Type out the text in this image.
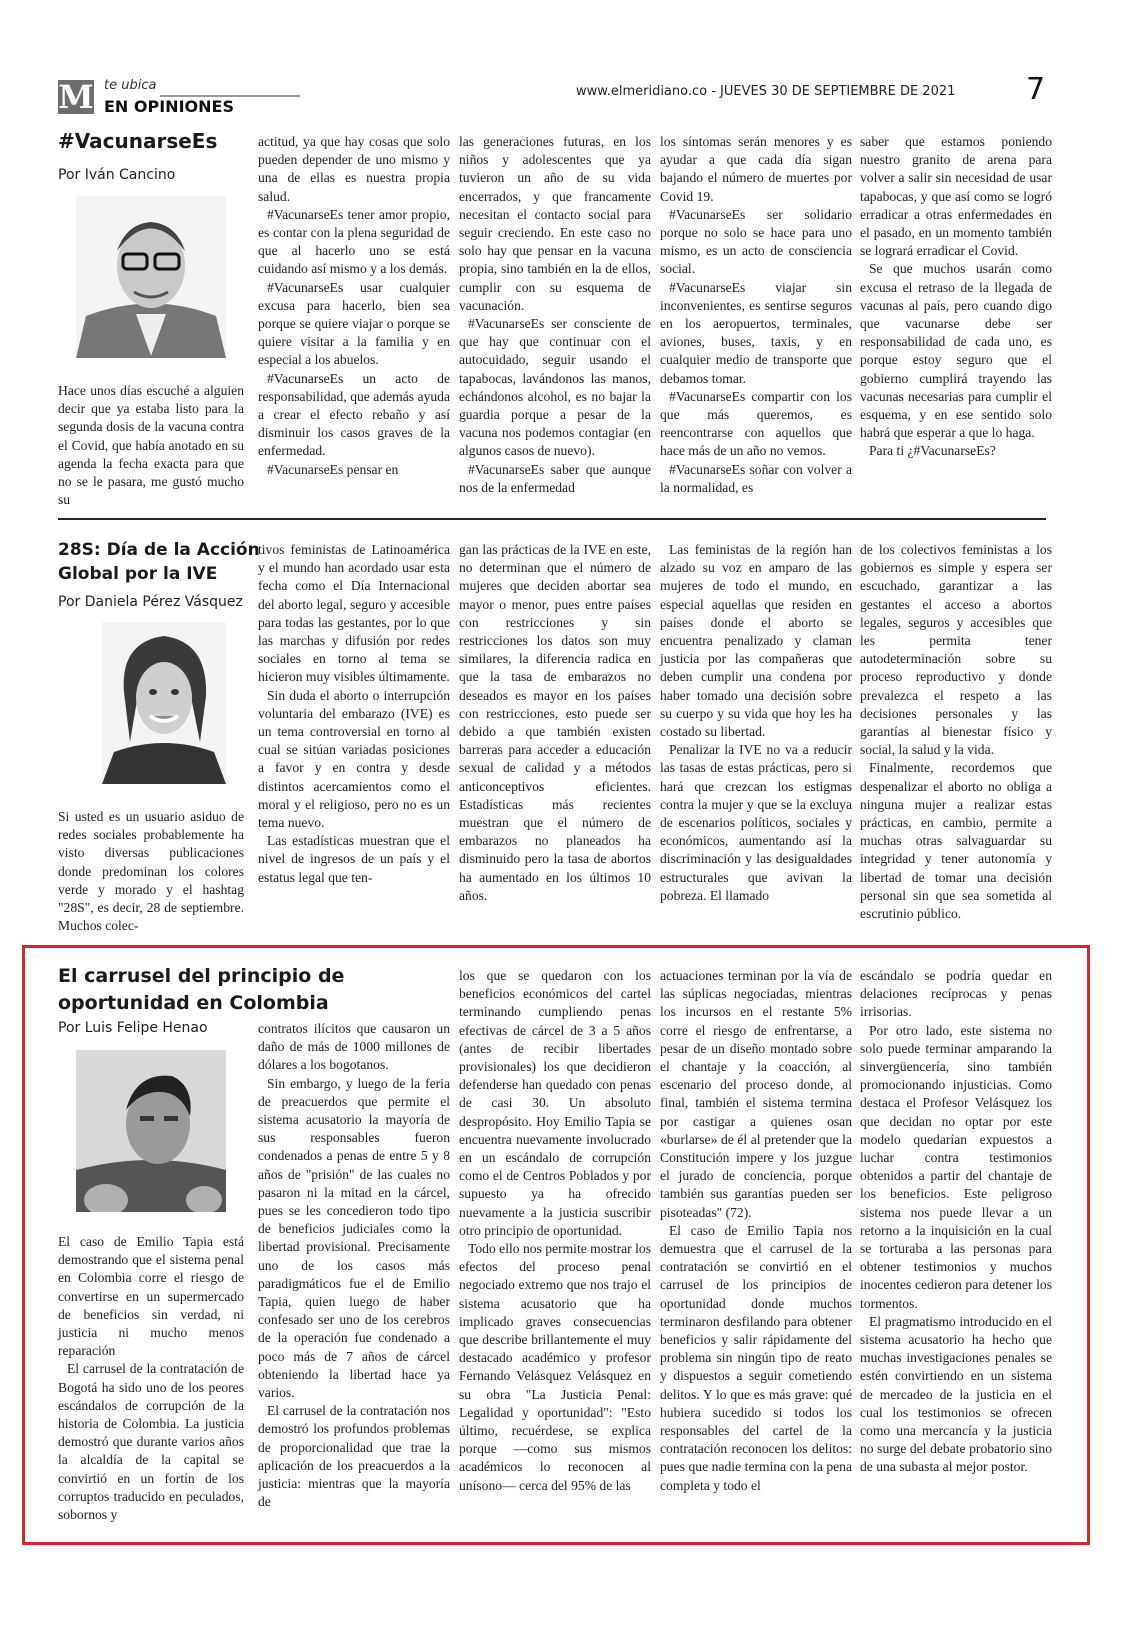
M te ubica
EN OPINIONES
www.elmeridiano.co - JUEVES 30 DE SEPTIEMBRE DE 2021 7
#VacunarseEs
Por Iván Cancino

Hace unos días escuché a alguien decir que ya estaba listo para la segunda dosis de la vacuna contra el Covid, que había anotado en su agenda la fecha exacta para que no se le pasara, me gustó mucho su

actitud, ya que hay cosas que solo pueden depender de uno mismo y una de ellas es nuestra propia salud.

#VacunarseEs tener amor propio, es contar con la plena seguridad de que al hacerlo uno se está cuidando así mismo y a los demás.

#VacunarseEs usar cualquier excusa para hacerlo, bien sea porque se quiere viajar o porque se quiere visitar a la familia y en especial a los abuelos.

#VacunarseEs un acto de responsabilidad, que además ayuda a crear el efecto rebaño y así disminuir los casos graves de la enfermedad.

#VacunarseEs pensar en

las generaciones futuras, en los niños y adolescentes que ya tuvieron un año de su vida encerrados, y que francamente necesitan el contacto social para seguir creciendo. En este caso no solo hay que pensar en la vacuna propia, sino también en la de ellos, cumplir con su esquema de vacunación.

#VacunarseEs ser consciente de que hay que continuar con el autocuidado, seguir usando el tapabocas, lavándonos las manos, echándonos alcohol, es no bajar la guardia porque a pesar de la vacuna nos podemos contagiar (en algunos casos de nuevo).

#VacunarseEs saber que aunque nos de la enfermedad

los síntomas serán menores y es ayudar a que cada día sigan bajando el número de muertes por Covid 19.

#VacunarseEs ser solidario porque no solo se hace para uno mismo, es un acto de consciencia social.

#VacunarseEs viajar sin inconvenientes, es sentirse seguros en los aeropuertos, terminales, aviones, buses, taxis, y en cualquier medio de transporte que debamos tomar.

#VacunarseEs compartir con los que más queremos, es reencontrarse con aquellos que hace más de un año no vemos.

#VacunarseEs soñar con volver a la normalidad, es

saber que estamos poniendo nuestro granito de arena para volver a salir sin necesidad de usar tapabocas, y que así como se logró erradicar a otras enfermedades en el pasado, en un momento también se logrará erradicar el Covid.

Se que muchos usarán como excusa el retraso de la llegada de vacunas al país, pero cuando digo que vacunarse debe ser responsabilidad de cada uno, es porque estoy seguro que el gobierno cumplirá trayendo las vacunas necesarias para cumplir el esquema, y en ese sentido solo habrá que esperar a que lo haga.

Para ti ¿#VacunarseEs?

28S: Día de la Acción
Global por la IVE
Por Daniela Pérez Vásquez

Si usted es un usuario asiduo de redes sociales probablemente ha visto diversas publicaciones donde predominan los colores verde y morado y el hashtag "28S", es decir, 28 de septiembre. Muchos colec-

tivos feministas de Latinoamérica y el mundo han acordado usar esta fecha como el Día Internacional del aborto legal, seguro y accesible para todas las gestantes, por lo que las marchas y difusión por redes sociales en torno al tema se hicieron muy visibles últimamente.

Sin duda el aborto o interrupción voluntaria del embarazo (IVE) es un tema controversial en torno al cual se sitúan variadas posiciones a favor y en contra y desde distintos acercamientos como el moral y el religioso, pero no es un tema nuevo.

Las estadísticas muestran que el nivel de ingresos de un país y el estatus legal que ten-

gan las prácticas de la IVE en este, no determinan que el número de mujeres que deciden abortar sea mayor o menor, pues entre países con restricciones y sin restricciones los datos son muy similares, la diferencia radica en que la tasa de embarazos no deseados es mayor en los países con restricciones, esto puede ser debido a que también existen barreras para acceder a educación sexual de calidad y a métodos anticonceptivos eficientes. Estadísticas más recientes muestran que el número de embarazos no planeados ha disminuido pero la tasa de abortos ha aumentado en los últimos 10 años.

Las feministas de la región han alzado su voz en amparo de las mujeres de todo el mundo, en especial aquellas que residen en países donde el aborto se encuentra penalizado y claman justicia por las compañeras que deben cumplir una condena por haber tomado una decisión sobre su cuerpo y su vida que hoy les ha costado su libertad.

Penalizar la IVE no va a reducir las tasas de estas prácticas, pero si hará que crezcan los estigmas contra la mujer y que se la excluya de escenarios políticos, sociales y económicos, aumentando así la discriminación y las desigualdades estructurales que avivan la pobreza. El llamado

de los colectivos feministas a los gobiernos es simple y espera ser escuchado, garantizar a las gestantes el acceso a abortos legales, seguros y accesibles que les permita tener autodeterminación sobre su proceso reproductivo y donde prevalezca el respeto a las decisiones personales y las garantías al bienestar físico y social, la salud y la vida.

Finalmente, recordemos que despenalizar el aborto no obliga a ninguna mujer a realizar estas prácticas, en cambio, permite a muchas otras salvaguardar su integridad y tener autonomía y libertad de tomar una decisión personal sin que sea sometida al escrutinio público.

El carrusel del principio de
oportunidad en Colombia
Por Luis Felipe Henao

El caso de Emilio Tapia está demostrando que el sistema penal en Colombia corre el riesgo de convertirse en un supermercado de beneficios sin verdad, ni justicia ni mucho menos reparación

El carrusel de la contratación de Bogotá ha sido uno de los peores escándalos de corrupción de la historia de Colombia. La justicia demostró que durante varios años la alcaldía de la capital se convirtió en un fortín de los corruptos traducido en peculados, sobornos y

contratos ilícitos que causaron un daño de más de 1000 millones de dólares a los bogotanos.

Sin embargo, y luego de la feria de preacuerdos que permite el sistema acusatorio la mayoría de sus responsables fueron condenados a penas de entre 5 y 8 años de "prisión" de las cuales no pasaron ni la mitad en la cárcel, pues se les concedieron todo tipo de beneficios judiciales como la libertad provisional. Precisamente uno de los casos más paradigmáticos fue el de Emilio Tapia, quien luego de haber confesado ser uno de los cerebros de la operación fue condenado a poco más de 7 años de cárcel obteniendo la libertad hace ya varios.

El carrusel de la contratación nos demostró los profundos problemas de proporcionalidad que trae la aplicación de los preacuerdos a la justicia: mientras que la mayoría de

los que se quedaron con los beneficios económicos del cartel terminando cumpliendo penas efectivas de cárcel de 3 a 5 años (antes de recibir libertades provisionales) los que decidieron defenderse han quedado con penas de casi 30. Un absoluto despropósito. Hoy Emilio Tapia se encuentra nuevamente involucrado en un escándalo de corrupción como el de Centros Poblados y por supuesto ya ha ofrecido nuevamente a la justicia suscribir otro principio de oportunidad.

Todo ello nos permite mostrar los efectos del proceso penal negociado extremo que nos trajo el sistema acusatorio que ha implicado graves consecuencias que describe brillantemente el muy destacado académico y profesor Fernando Velásquez Velásquez en su obra "La Justicia Penal: Legalidad y oportunidad": "Esto último, recuérdese, se explica porque —como sus mismos académicos lo reconocen al unísono— cerca del 95% de las

actuaciones terminan por la vía de las súplicas negociadas, mientras los incursos en el restante 5% corre el riesgo de enfrentarse, a pesar de un diseño montado sobre el chantaje y la coacción, al escenario del proceso donde, al final, también el sistema termina por castigar a quienes osan «burlarse» de él al pretender que la Constitución impere y los juzgue el jurado de conciencia, porque también sus garantías pueden ser pisoteadas" (72).

El caso de Emilio Tapia nos demuestra que el carrusel de la contratación se convirtió en el carrusel de los principios de oportunidad donde muchos terminaron desfilando para obtener beneficios y salir rápidamente del problema sin ningún tipo de reato y dispuestos a seguir cometiendo delitos. Y lo que es más grave: qué hubiera sucedido si todos los responsables del cartel de la contratación reconocen los delitos: pues que nadie termina con la pena completa y todo el

escándalo se podría quedar en delaciones recíprocas y penas irrisorias.

Por otro lado, este sistema no solo puede terminar amparando la sinvergüencería, sino también promocionando injusticias. Como destaca el Profesor Velásquez los que decidan no optar por este modelo quedarían expuestos a luchar contra testimonios obtenidos a partir del chantaje de los beneficios. Este peligroso sistema nos puede llevar a un retorno a la inquisición en la cual se torturaba a las personas para obtener testimonios y muchos inocentes cedieron para detener los tormentos.

El pragmatismo introducido en el sistema acusatorio ha hecho que muchas investigaciones penales se estén convirtiendo en un sistema de mercadeo de la justicia en el cual los testimonios se ofrecen como una mercancía y la justicia no surge del debate probatorio sino de una subasta al mejor postor.
